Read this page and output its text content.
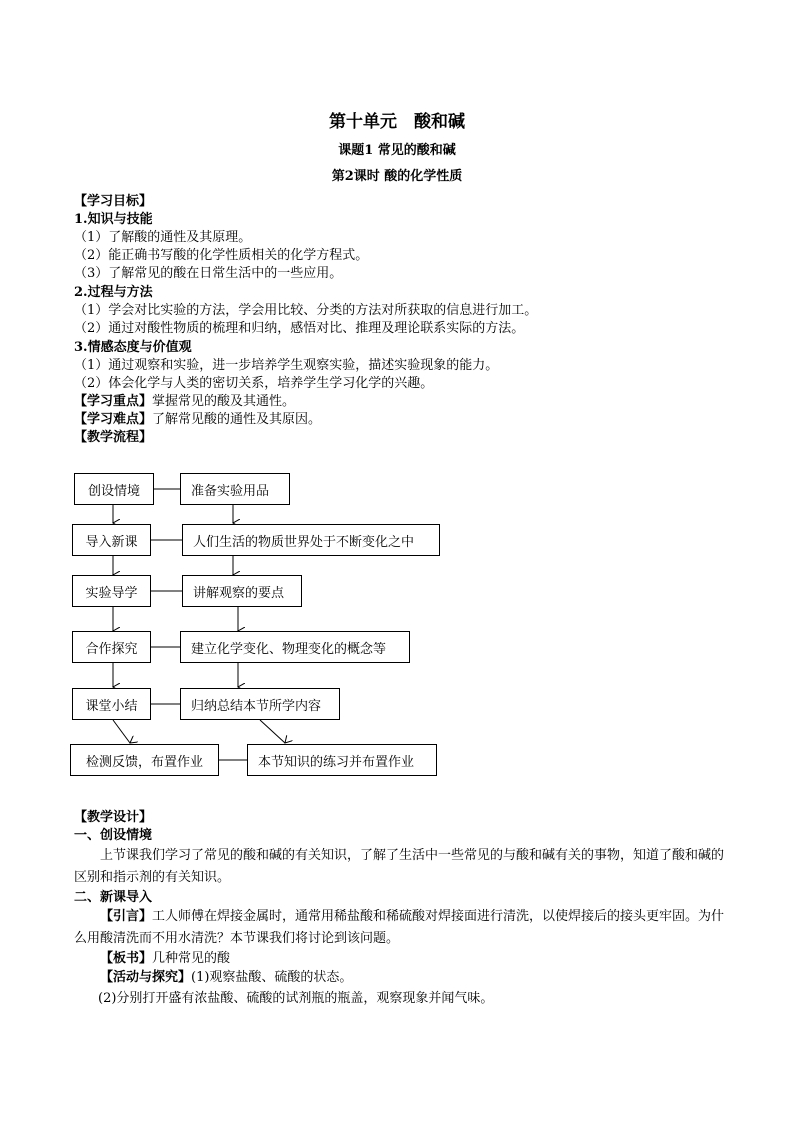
第十单元　酸和碱
课题1 常见的酸和碱
第2课时 酸的化学性质
【学习目标】
1.知识与技能
（1）了解酸的通性及其原理。
（2）能正确书写酸的化学性质相关的化学方程式。
（3）了解常见的酸在日常生活中的一些应用。
2.过程与方法
（1）学会对比实验的方法，学会用比较、分类的方法对所获取的信息进行加工。
（2）通过对酸性物质的梳理和归纳，感悟对比、推理及理论联系实际的方法。
3.情感态度与价值观
（1）通过观察和实验，进一步培养学生观察实验，描述实验现象的能力。
（2）体会化学与人类的密切关系，培养学生学习化学的兴趣。
【学习重点】掌握常见的酸及其通性。
【学习难点】了解常见酸的通性及其原因。
【教学流程】
创设情境
导入新课
实验导学
合作探究
课堂小结
检测反馈，布置作业
准备实验用品
人们生活的物质世界处于不断变化之中
讲解观察的要点
建立化学变化、物理变化的概念等
归纳总结本节所学内容
本节知识的练习并布置作业
【教学设计】
一、创设情境
上节课我们学习了常见的酸和碱的有关知识，了解了生活中一些常见的与酸和碱有关的事物，知道了酸和碱的区别和指示剂的有关知识。
二、新课导入
【引言】工人师傅在焊接金属时，通常用稀盐酸和稀硫酸对焊接面进行清洗，以使焊接后的接头更牢固。为什么用酸清洗而不用水清洗？本节课我们将讨论到该问题。
【板书】几种常见的酸
【活动与探究】(1)观察盐酸、硫酸的状态。
(2)分别打开盛有浓盐酸、硫酸的试剂瓶的瓶盖，观察现象并闻气味。
